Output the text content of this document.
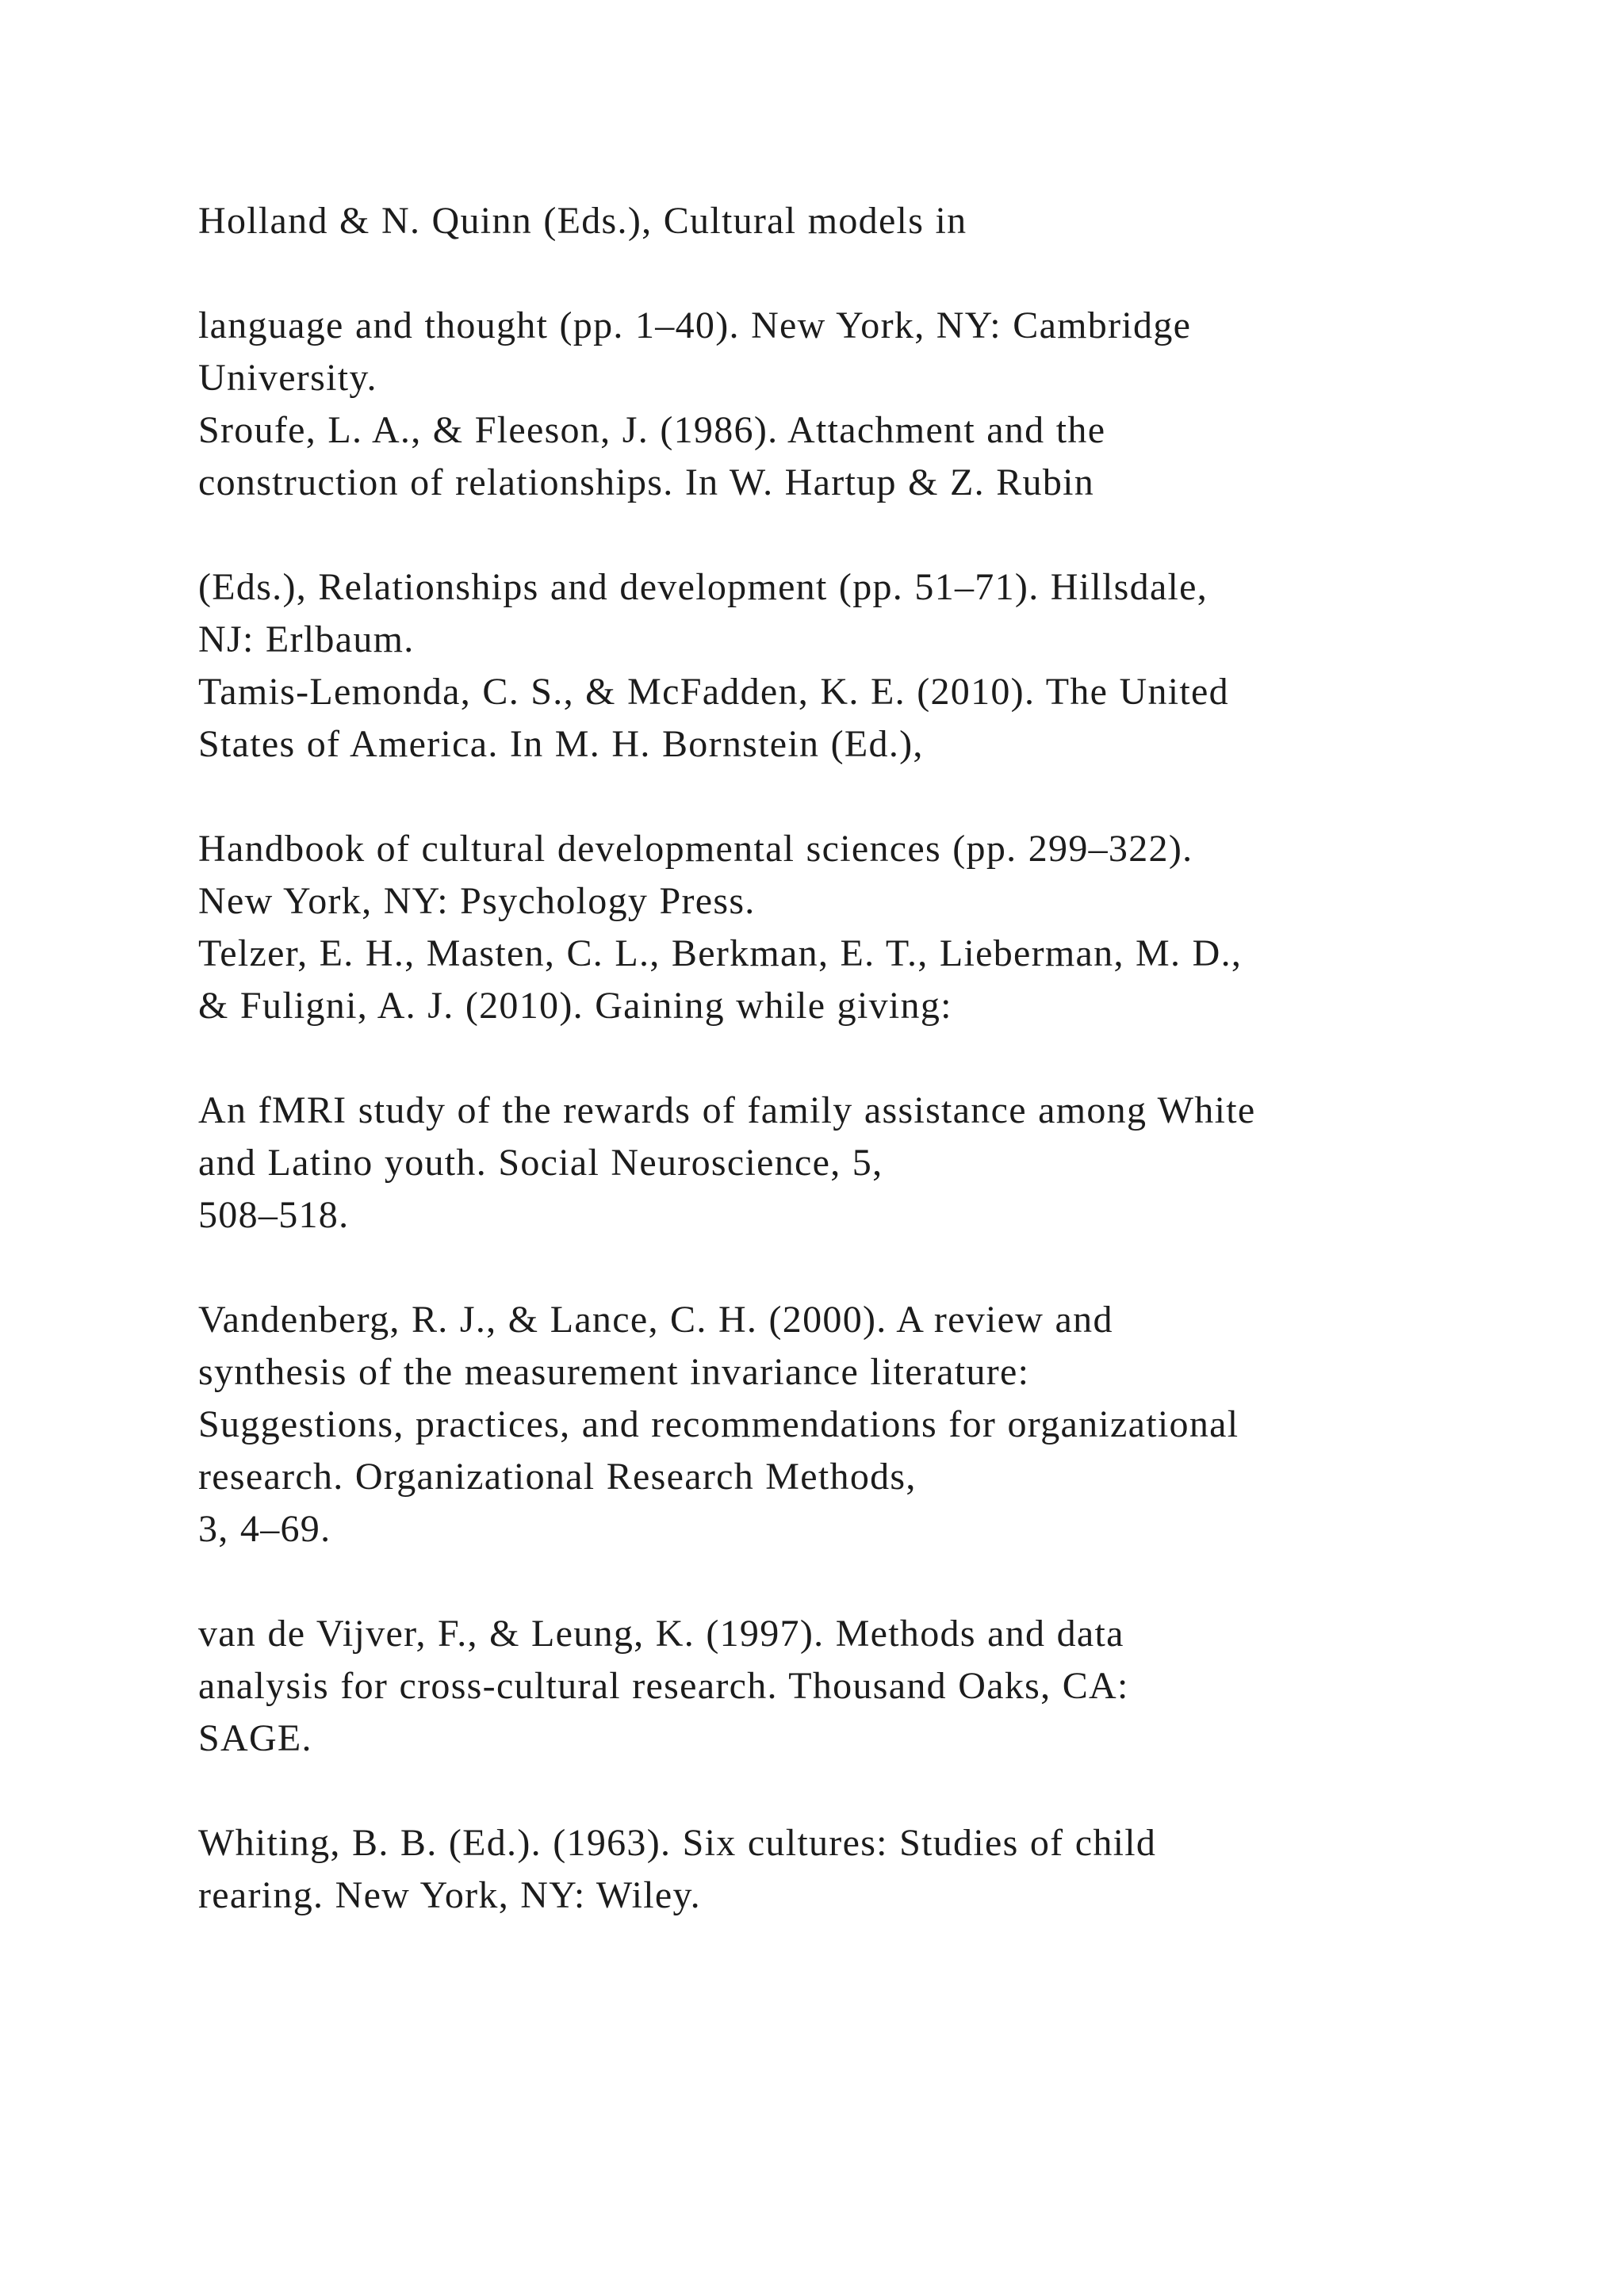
Holland & N. Quinn (Eds.), Cultural models in
language and thought (pp. 1–40). New York, NY: Cambridge
University.
Sroufe, L. A., & Fleeson, J. (1986). Attachment and the
construction of relationships. In W. Hartup & Z. Rubin
(Eds.), Relationships and development (pp. 51–71). Hillsdale,
NJ: Erlbaum.
Tamis-Lemonda, C. S., & McFadden, K. E. (2010). The United
States of America. In M. H. Bornstein (Ed.),
Handbook of cultural developmental sciences (pp. 299–322).
New York, NY: Psychology Press.
Telzer, E. H., Masten, C. L., Berkman, E. T., Lieberman, M. D.,
& Fuligni, A. J. (2010). Gaining while giving:
An fMRI study of the rewards of family assistance among White
and Latino youth. Social Neuroscience, 5,
508–518.
Vandenberg, R. J., & Lance, C. H. (2000). A review and
synthesis of the measurement invariance literature:
Suggestions, practices, and recommendations for organizational
research. Organizational Research Methods,
3, 4–69.
van de Vijver, F., & Leung, K. (1997). Methods and data
analysis for cross-cultural research. Thousand Oaks, CA:
SAGE.
Whiting, B. B. (Ed.). (1963). Six cultures: Studies of child
rearing. New York, NY: Wiley.
